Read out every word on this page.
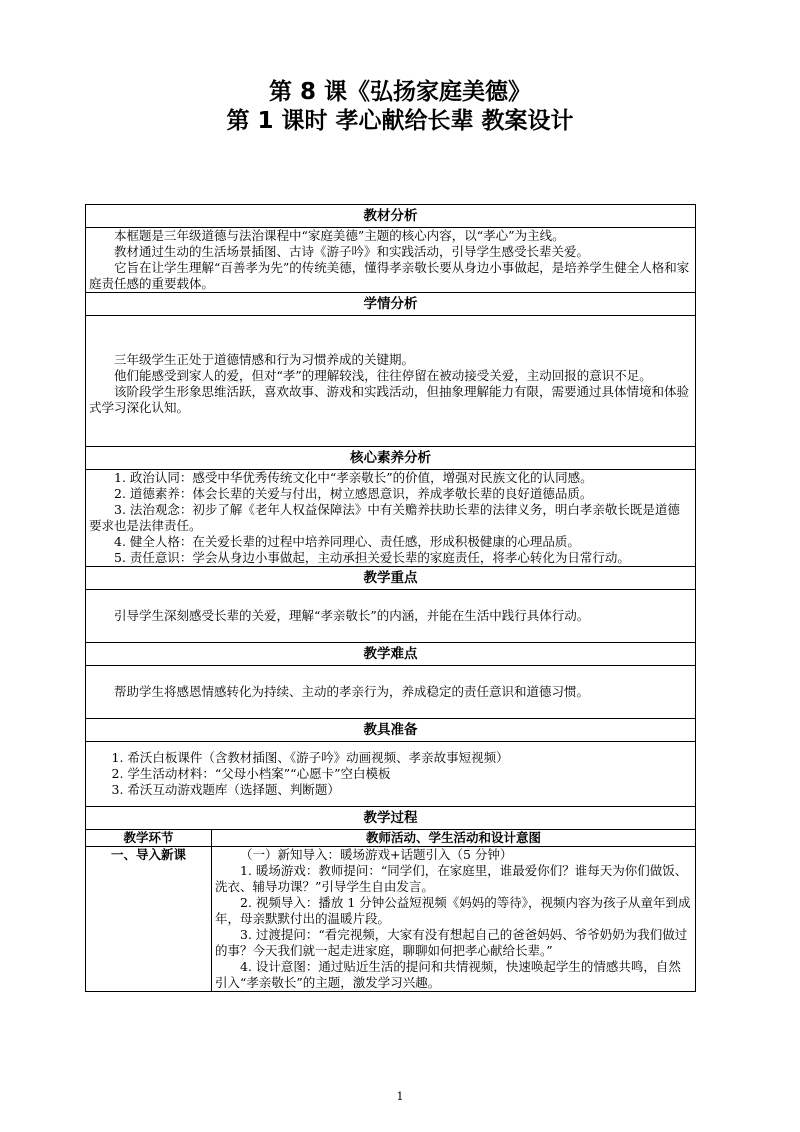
第 8 课《弘扬家庭美德》
第 1 课时 孝心献给长辈 教案设计
教材分析	

本框题是三年级道德与法治课程中“家庭美德”主题的核心内容，以“孝心”为主线。

教材通过生动的生活场景插图、古诗《游子吟》和实践活动，引导学生感受长辈关爱。

它旨在让学生理解“百善孝为先”的传统美德，懂得孝亲敬长要从身边小事做起，是培养学生健全人格和家庭责任感的重要载体。	

学情分析	

三年级学生正处于道德情感和行为习惯养成的关键期。

他们能感受到家人的爱，但对“孝”的理解较浅，往往停留在被动接受关爱，主动回报的意识不足。

该阶段学生形象思维活跃，喜欢故事、游戏和实践活动，但抽象理解能力有限，需要通过具体情境和体验式学习深化认知。	

核心素养分析	

1. 政治认同：感受中华优秀传统文化中“孝亲敬长”的价值，增强对民族文化的认同感。

2. 道德素养：体会长辈的关爱与付出，树立感恩意识，养成孝敬长辈的良好道德品质。

3. 法治观念：初步了解《老年人权益保障法》中有关赡养扶助长辈的法律义务，明白孝亲敬长既是道德要求也是法律责任。

4. 健全人格：在关爱长辈的过程中培养同理心、责任感，形成积极健康的心理品质。

5. 责任意识：学会从身边小事做起，主动承担关爱长辈的家庭责任，将孝心转化为日常行动。	

教学重点	

引导学生深刻感受长辈的关爱，理解“孝亲敬长”的内涵，并能在生活中践行具体行动。	

教学难点	

帮助学生将感恩情感转化为持续、主动的孝亲行为，养成稳定的责任意识和道德习惯。	

教具准备	

1. 希沃白板课件（含教材插图、《游子吟》动画视频、孝亲故事短视频）

2. 学生活动材料：“父母小档案”“心愿卡”空白模板

3. 希沃互动游戏题库（选择题、判断题）	

教学过程	
教学环节	教师活动、学生活动和设计意图
一、导入新课	（一）新知导入：暖场游戏+话题引入（5 分钟）

1. 暖场游戏：教师提问：“同学们，在家庭里，谁最爱你们？谁每天为你们做饭、洗衣、辅导功课？”引导学生自由发言。

2. 视频导入：播放 1 分钟公益短视频《妈妈的等待》，视频内容为孩子从童年到成年，母亲默默付出的温暖片段。

3. 过渡提问：“看完视频，大家有没有想起自己的爸爸妈妈、爷爷奶奶为我们做过的事？今天我们就一起走进家庭，聊聊如何把孝心献给长辈。”

4. 设计意图：通过贴近生活的提问和共情视频，快速唤起学生的情感共鸣，自然引入“孝亲敬长”的主题，激发学习兴趣。

1
